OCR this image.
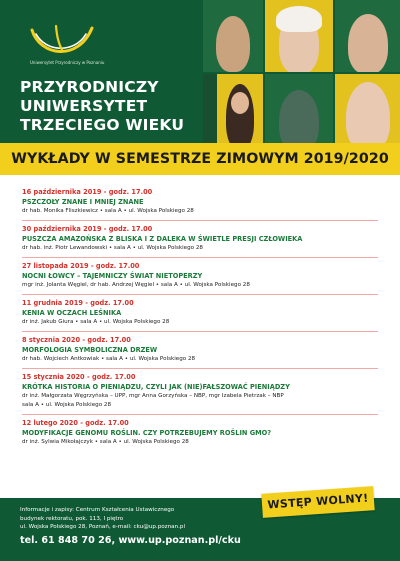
Uniwersytet Przyrodniczy w Poznaniu
PRZYRODNICZY
UNIWERSYTET
TRZECIEGO WIEKU
WYKŁADY W SEMESTRZE ZIMOWYM 2019/2020
16 października 2019 - godz. 17.00
PSZCZOŁY ZNANE I MNIEJ ZNANE
dr hab. Monika Fliszkiewicz • sala A • ul. Wojska Polskiego 28
30 października 2019 - godz. 17.00
PUSZCZA AMAZOŃSKA Z BLISKA I Z DALEKA W ŚWIETLE PRESJI CZŁOWIEKA
dr hab. inż. Piotr Lewandowski • sala A • ul. Wojska Polskiego 28
27 listopada 2019 - godz. 17.00
NOCNI ŁOWCY – TAJEMNICZY ŚWIAT NIETOPERZY
mgr inż. Jolanta Węgiel, dr hab. Andrzej Węgiel • sala A • ul. Wojska Polskiego 28
11 grudnia 2019 - godz. 17.00
KENIA W OCZACH LEŚNIKA
dr inż. Jakub Giura • sala A • ul. Wojska Polskiego 28
8 stycznia 2020 - godz. 17.00
MORFOLOGIA SYMBOLICZNA DRZEW
dr hab. Wojciech Antkowiak • sala A • ul. Wojska Polskiego 28
15 stycznia 2020 - godz. 17.00
KRÓTKA HISTORIA O PIENIĄDZU, CZYLI JAK (NIE)FAŁSZOWAĆ PIENIĄDZY
dr inż. Małgorzata Węgrzyńska – UPP, mgr Anna Gorzyńska – NBP, mgr Izabela Pietrzak – NBP
sala A • ul. Wojska Polskiego 28
12 lutego 2020 - godz. 17.00
MODYFIKACJE GENOMU ROŚLIN. CZY POTRZEBUJEMY ROŚLIN GMO?
dr inż. Sylwia Mikołajczyk • sala A • ul. Wojska Polskiego 28
Informacje i zapisy: Centrum Kształcenia Ustawicznego
budynek rektoratu, pok. 113, I piętro
ul. Wojska Polskiego 28, Poznań, e-mail: cku@up.poznan.pl
tel. 61 848 70 26, www.up.poznan.pl/cku
WSTĘP WOLNY!
